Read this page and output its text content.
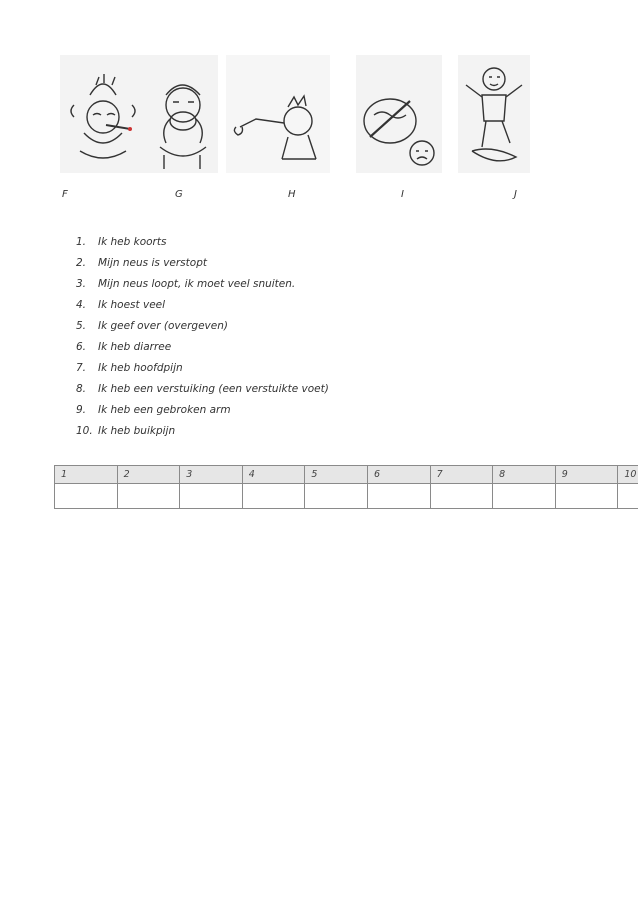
F	G	H	I	J
1. Ik heb koorts
2. Mijn neus is verstopt
3. Mijn neus loopt, ik moet veel snuiten.
4. Ik hoest veel
5. Ik geef over (overgeven)
6. Ik heb diarree
7. Ik heb hoofdpijn
8. Ik heb een verstuiking (een verstuikte voet)
9. Ik heb een gebroken arm
10. Ik heb buikpijn
1	2	3	4	5	6	7	8	9	10
